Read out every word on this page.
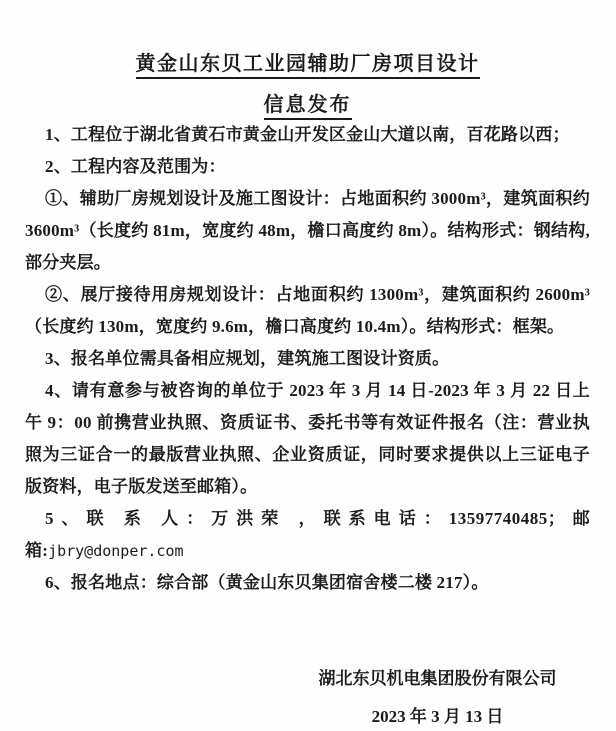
黄金山东贝工业园辅助厂房项目设计
信息发布

1、工程位于湖北省黄石市黄金山开发区金山大道以南，百花路以西；

2、工程内容及范围为：

①、辅助厂房规划设计及施工图设计：占地面积约 3000m³，建筑面积约 3600m³（长度约 81m，宽度约 48m，檐口高度约 8m）。结构形式：钢结构,部分夹层。

②、展厅接待用房规划设计：占地面积约 1300m³，建筑面积约 2600m³（长度约 130m，宽度约 9.6m，檐口高度约 10.4m）。结构形式：框架。

3、报名单位需具备相应规划，建筑施工图设计资质。

4、请有意参与被咨询的单位于 2023 年 3 月 14 日-2023 年 3 月 22 日上午 9：00 前携营业执照、资质证书、委托书等有效证件报名（注：营业执照为三证合一的最版营业执照、企业资质证，同时要求提供以上三证电子版资料，电子版发送至邮箱）。

5、联 系 人：万洪荣 ，联系电话：13597740485；邮箱:jbry@donper.com

6、报名地点：综合部（黄金山东贝集团宿舍楼二楼 217）。

湖北东贝机电集团股份有限公司

2023 年 3 月 13 日
